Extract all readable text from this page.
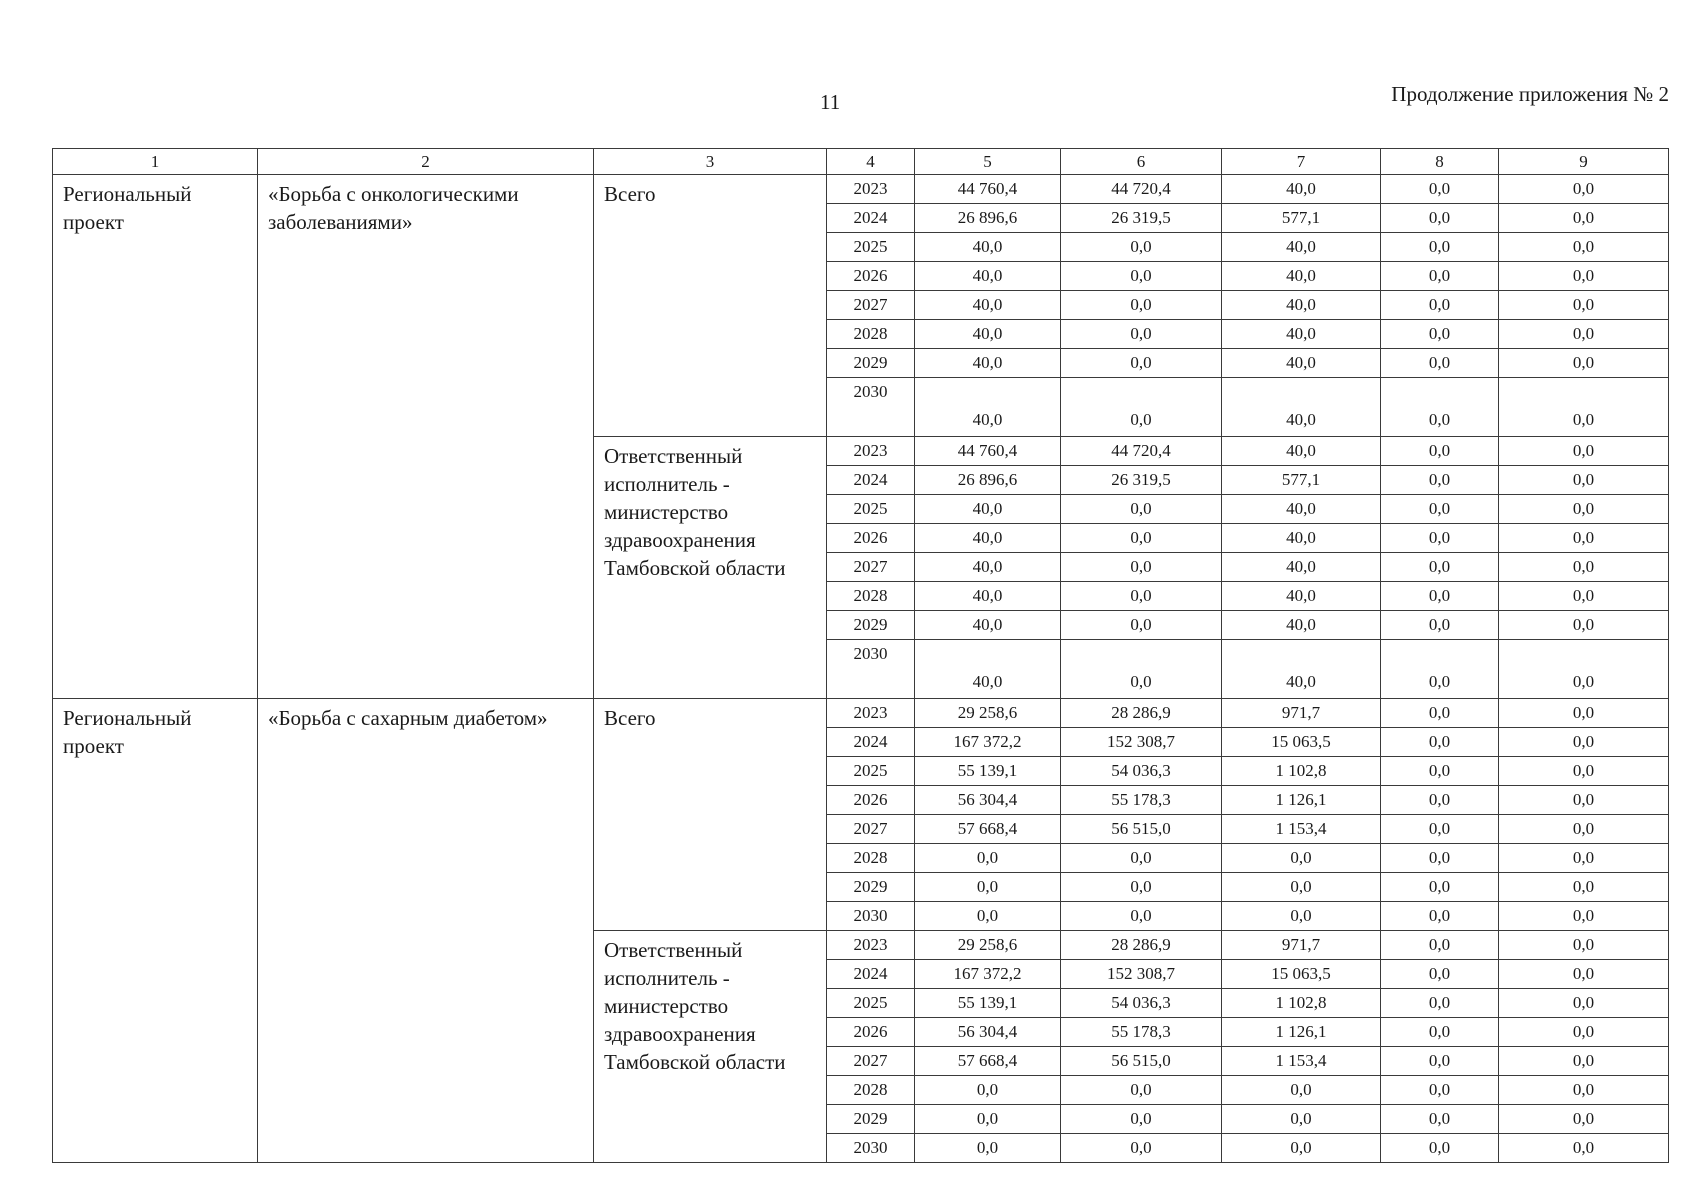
11	Продолжение приложения № 2
1	2	3	4	5	6	7	8	9
Региональный проект	«Борьба с онкологическими заболеваниями»	Всего	2023	44 760,4	44 720,4	40,0	0,0	0,0
			2024	26 896,6	26 319,5	577,1	0,0	0,0
			2025	40,0	0,0	40,0	0,0	0,0
			2026	40,0	0,0	40,0	0,0	0,0
			2027	40,0	0,0	40,0	0,0	0,0
			2028	40,0	0,0	40,0	0,0	0,0
			2029	40,0	0,0	40,0	0,0	0,0
			2030	40,0	0,0	40,0	0,0	0,0
		Ответственный исполнитель - министерство здравоохранения Тамбовской области	2023	44 760,4	44 720,4	40,0	0,0	0,0
			2024	26 896,6	26 319,5	577,1	0,0	0,0
			2025	40,0	0,0	40,0	0,0	0,0
			2026	40,0	0,0	40,0	0,0	0,0
			2027	40,0	0,0	40,0	0,0	0,0
			2028	40,0	0,0	40,0	0,0	0,0
			2029	40,0	0,0	40,0	0,0	0,0
			2030	40,0	0,0	40,0	0,0	0,0
Региональный проект	«Борьба с сахарным диабетом»	Всего	2023	29 258,6	28 286,9	971,7	0,0	0,0
			2024	167 372,2	152 308,7	15 063,5	0,0	0,0
			2025	55 139,1	54 036,3	1 102,8	0,0	0,0
			2026	56 304,4	55 178,3	1 126,1	0,0	0,0
			2027	57 668,4	56 515,0	1 153,4	0,0	0,0
			2028	0,0	0,0	0,0	0,0	0,0
			2029	0,0	0,0	0,0	0,0	0,0
			2030	0,0	0,0	0,0	0,0	0,0
		Ответственный исполнитель - министерство здравоохранения Тамбовской области	2023	29 258,6	28 286,9	971,7	0,0	0,0
			2024	167 372,2	152 308,7	15 063,5	0,0	0,0
			2025	55 139,1	54 036,3	1 102,8	0,0	0,0
			2026	56 304,4	55 178,3	1 126,1	0,0	0,0
			2027	57 668,4	56 515,0	1 153,4	0,0	0,0
			2028	0,0	0,0	0,0	0,0	0,0
			2029	0,0	0,0	0,0	0,0	0,0
			2030	0,0	0,0	0,0	0,0	0,0
